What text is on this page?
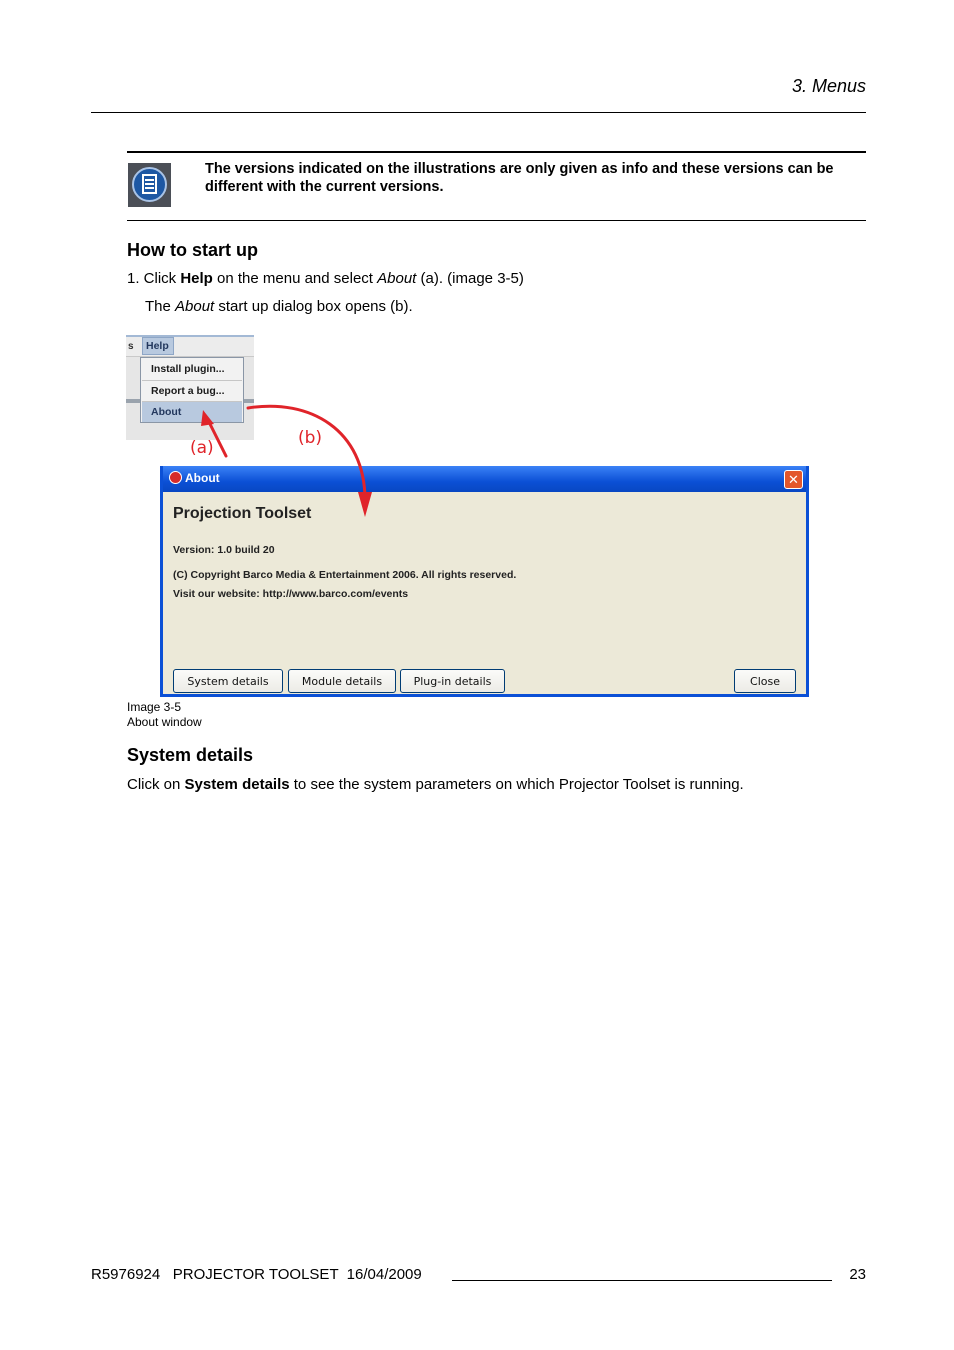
3. Menus
The versions indicated on the illustrations are only given as info and these versions can be different with the current versions.
How to start up
1. Click Help on the menu and select About (a). (image 3-5)
The About start up dialog box opens (b).
s	Help
Install plugin...
Report a bug...
About
(a)	(b)
About	✕
Projection Toolset
Version: 1.0 build 20
(C) Copyright Barco Media & Entertainment 2006. All rights reserved.
Visit our website: http://www.barco.com/events
System details	Module details	Plug-in details	Close
Image 3-5
About window
System details
Click on System details to see the system parameters on which Projector Toolset is running.
R5976924   PROJECTOR TOOLSET  16/04/2009	23
